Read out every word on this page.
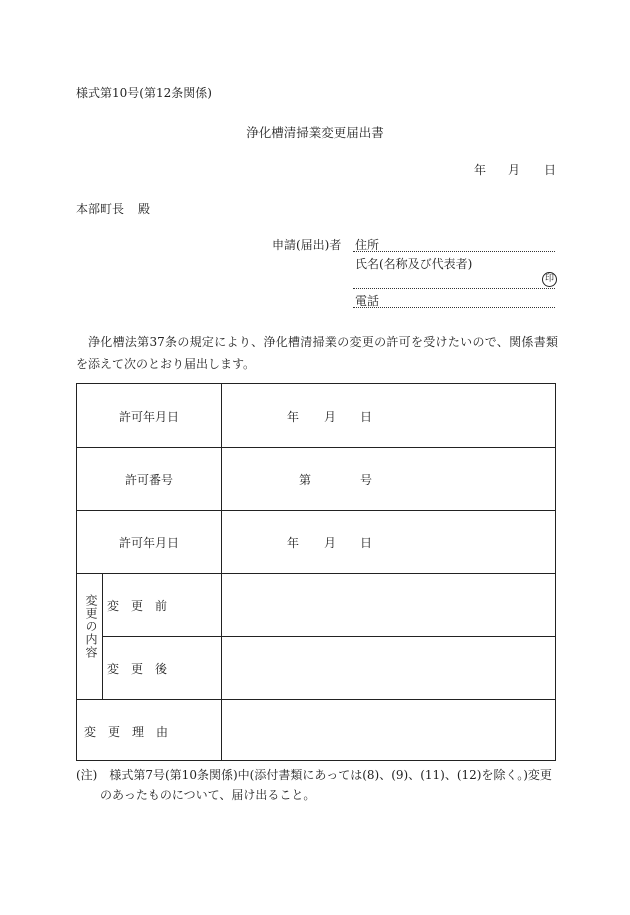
様式第10号(第12条関係)
浄化槽清掃業変更届出書
年 月 日
本部町長 殿
申請(届出)者 住所
氏名(名称及び代表者)
印
電話
浄化槽法第37条の規定により、浄化槽清掃業の変更の許可を受けたいので、関係書類を添えて次のとおり届出します。
許可年月日	年 月 日
許可番号	第	号
許可年月日	年 月 日
変更の内容 変　更　前
変　更　後
変　更　理　由
(注)　様式第7号(第10条関係)中(添付書類にあっては(8)、(9)、(11)、(12)を除く。)変更
のあったものについて、届け出ること。
